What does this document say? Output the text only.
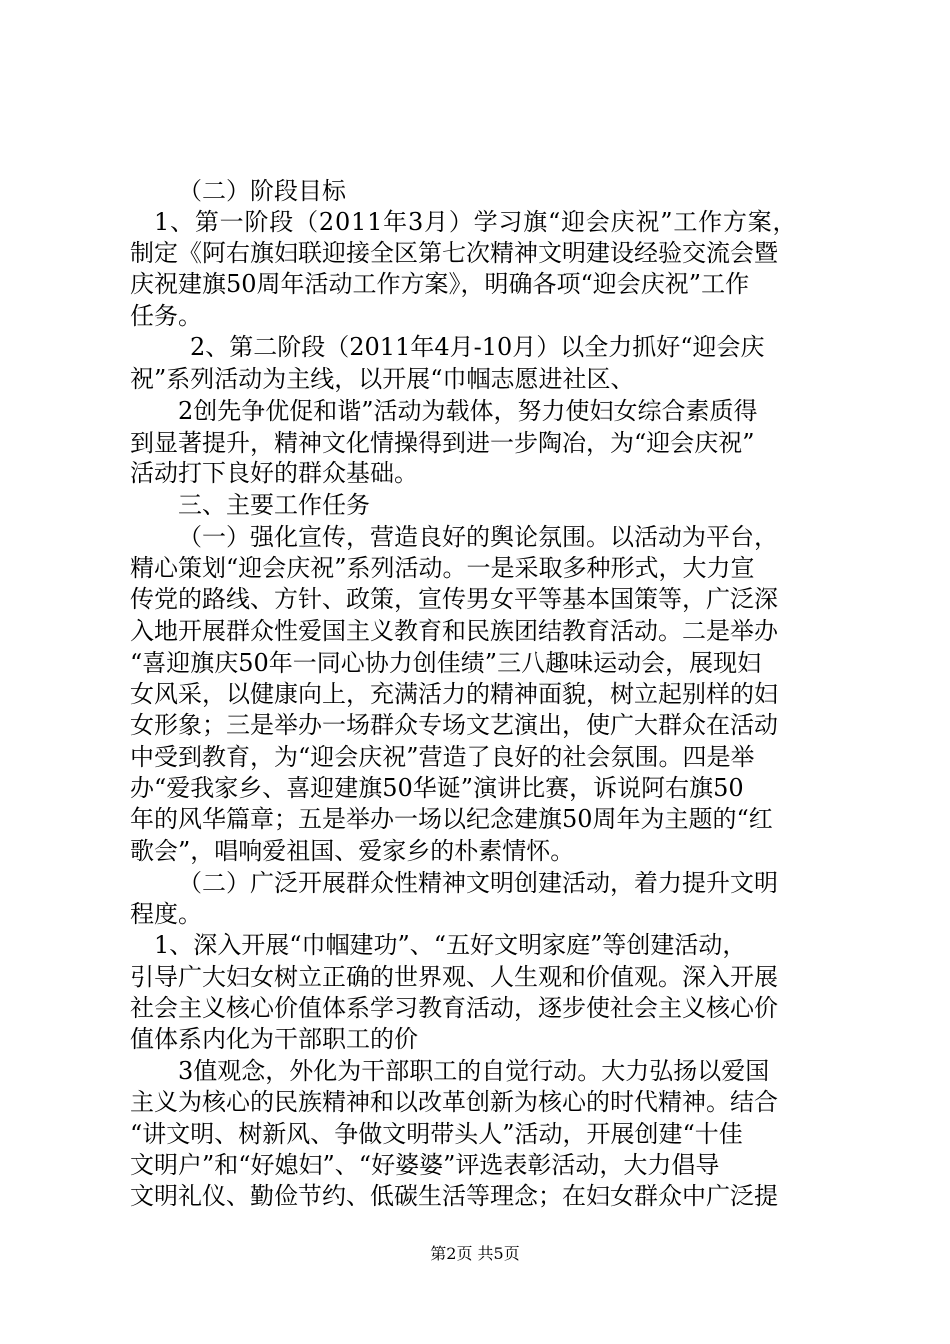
（二）阶段目标
1、第一阶段（2011年3月）学习旗“迎会庆祝”工作方案，
制定《阿右旗妇联迎接全区第七次精神文明建设经验交流会暨
庆祝建旗50周年活动工作方案》，明确各项“迎会庆祝”工作
任务。
2、第二阶段（2011年4月-10月）以全力抓好“迎会庆
祝”系列活动为主线，以开展“巾帼志愿进社区、
2创先争优促和谐”活动为载体，努力使妇女综合素质得
到显著提升，精神文化情操得到进一步陶冶，为“迎会庆祝”
活动打下良好的群众基础。
三、主要工作任务
（一）强化宣传，营造良好的舆论氛围。以活动为平台，
精心策划“迎会庆祝”系列活动。一是采取多种形式，大力宣
传党的路线、方针、政策，宣传男女平等基本国策等，广泛深
入地开展群众性爱国主义教育和民族团结教育活动。二是举办
“喜迎旗庆50年一同心协力创佳绩”三八趣味运动会，展现妇
女风采，以健康向上，充满活力的精神面貌，树立起别样的妇
女形象；三是举办一场群众专场文艺演出，使广大群众在活动
中受到教育，为“迎会庆祝”营造了良好的社会氛围。四是举
办“爱我家乡、喜迎建旗50华诞”演讲比赛，诉说阿右旗50
年的风华篇章；五是举办一场以纪念建旗50周年为主题的“红
歌会”，唱响爱祖国、爱家乡的朴素情怀。
（二）广泛开展群众性精神文明创建活动，着力提升文明
程度。
1、深入开展“巾帼建功”、“五好文明家庭”等创建活动，
引导广大妇女树立正确的世界观、人生观和价值观。深入开展
社会主义核心价值体系学习教育活动，逐步使社会主义核心价
值体系内化为干部职工的价
3值观念，外化为干部职工的自觉行动。大力弘扬以爱国
主义为核心的民族精神和以改革创新为核心的时代精神。结合
“讲文明、树新风、争做文明带头人”活动，开展创建“十佳
文明户”和“好媳妇”、“好婆婆”评选表彰活动，大力倡导
文明礼仪、勤俭节约、低碳生活等理念；在妇女群众中广泛提
第2页 共5页
